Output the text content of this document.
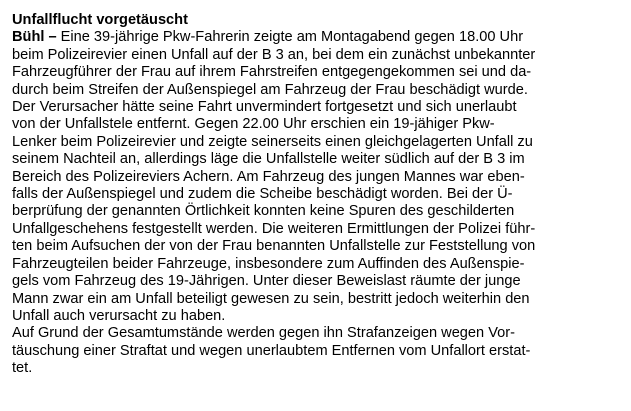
Unfallflucht vorgetäuscht
Bühl – Eine 39-jährige Pkw-Fahrerin zeigte am Montagabend gegen 18.00 Uhr
beim Polizeirevier einen Unfall auf der B 3 an, bei dem ein zunächst unbekannter
Fahrzeugführer der Frau auf ihrem Fahrstreifen entgegengekommen sei und da-
durch beim Streifen der Außenspiegel am Fahrzeug der Frau beschädigt wurde.
Der Verursacher hätte seine Fahrt unvermindert fortgesetzt und sich unerlaubt
von der Unfallstele entfernt. Gegen 22.00 Uhr erschien ein 19-jähiger Pkw-
Lenker beim Polizeirevier und zeigte seinerseits einen gleichgelagerten Unfall zu
seinem Nachteil an, allerdings läge die Unfallstelle weiter südlich auf der B 3 im
Bereich des Polizeireviers Achern. Am Fahrzeug des jungen Mannes war eben-
falls der Außenspiegel und zudem die Scheibe beschädigt worden. Bei der Ü-
berprüfung der genannten Örtlichkeit konnten keine Spuren des geschilderten
Unfallgeschehens festgestellt werden. Die weiteren Ermittlungen der Polizei führ-
ten beim Aufsuchen der von der Frau benannten Unfallstelle zur Feststellung von
Fahrzeugteilen beider Fahrzeuge, insbesondere zum Auffinden des Außenspie-
gels vom Fahrzeug des 19-Jährigen. Unter dieser Beweislast räumte der junge
Mann zwar ein am Unfall beteiligt gewesen zu sein, bestritt jedoch weiterhin den
Unfall auch verursacht zu haben.
Auf Grund der Gesamtumstände werden gegen ihn Strafanzeigen wegen Vor-
täuschung einer Straftat und wegen unerlaubtem Entfernen vom Unfallort erstat-
tet.
